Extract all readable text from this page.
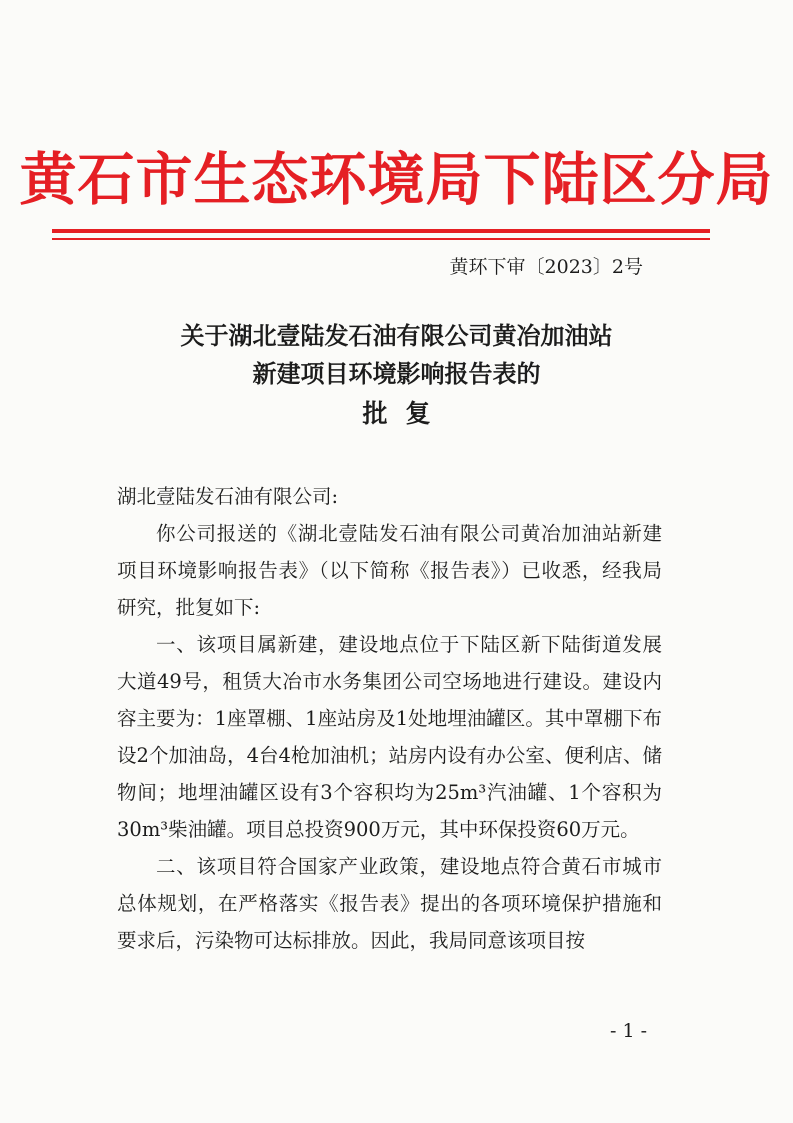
黄石市生态环境局下陆区分局
黄环下审〔2023〕2号
关于湖北壹陆发石油有限公司黄冶加油站
新建项目环境影响报告表的
批复

湖北壹陆发石油有限公司:

你公司报送的《湖北壹陆发石油有限公司黄冶加油站新建项目环境影响报告表》（以下简称《报告表》）已收悉，经我局研究，批复如下:

一、该项目属新建，建设地点位于下陆区新下陆街道发展大道49号，租赁大冶市水务集团公司空场地进行建设。建设内容主要为：1座罩棚、1座站房及1处地埋油罐区。其中罩棚下布设2个加油岛，4台4枪加油机；站房内设有办公室、便利店、储物间；地埋油罐区设有3个容积均为25m³汽油罐、1个容积为30m³柴油罐。项目总投资900万元，其中环保投资60万元。

二、该项目符合国家产业政策，建设地点符合黄石市城市总体规划，在严格落实《报告表》提出的各项环境保护措施和要求后，污染物可达标排放。因此，我局同意该项目按

- 1 -
